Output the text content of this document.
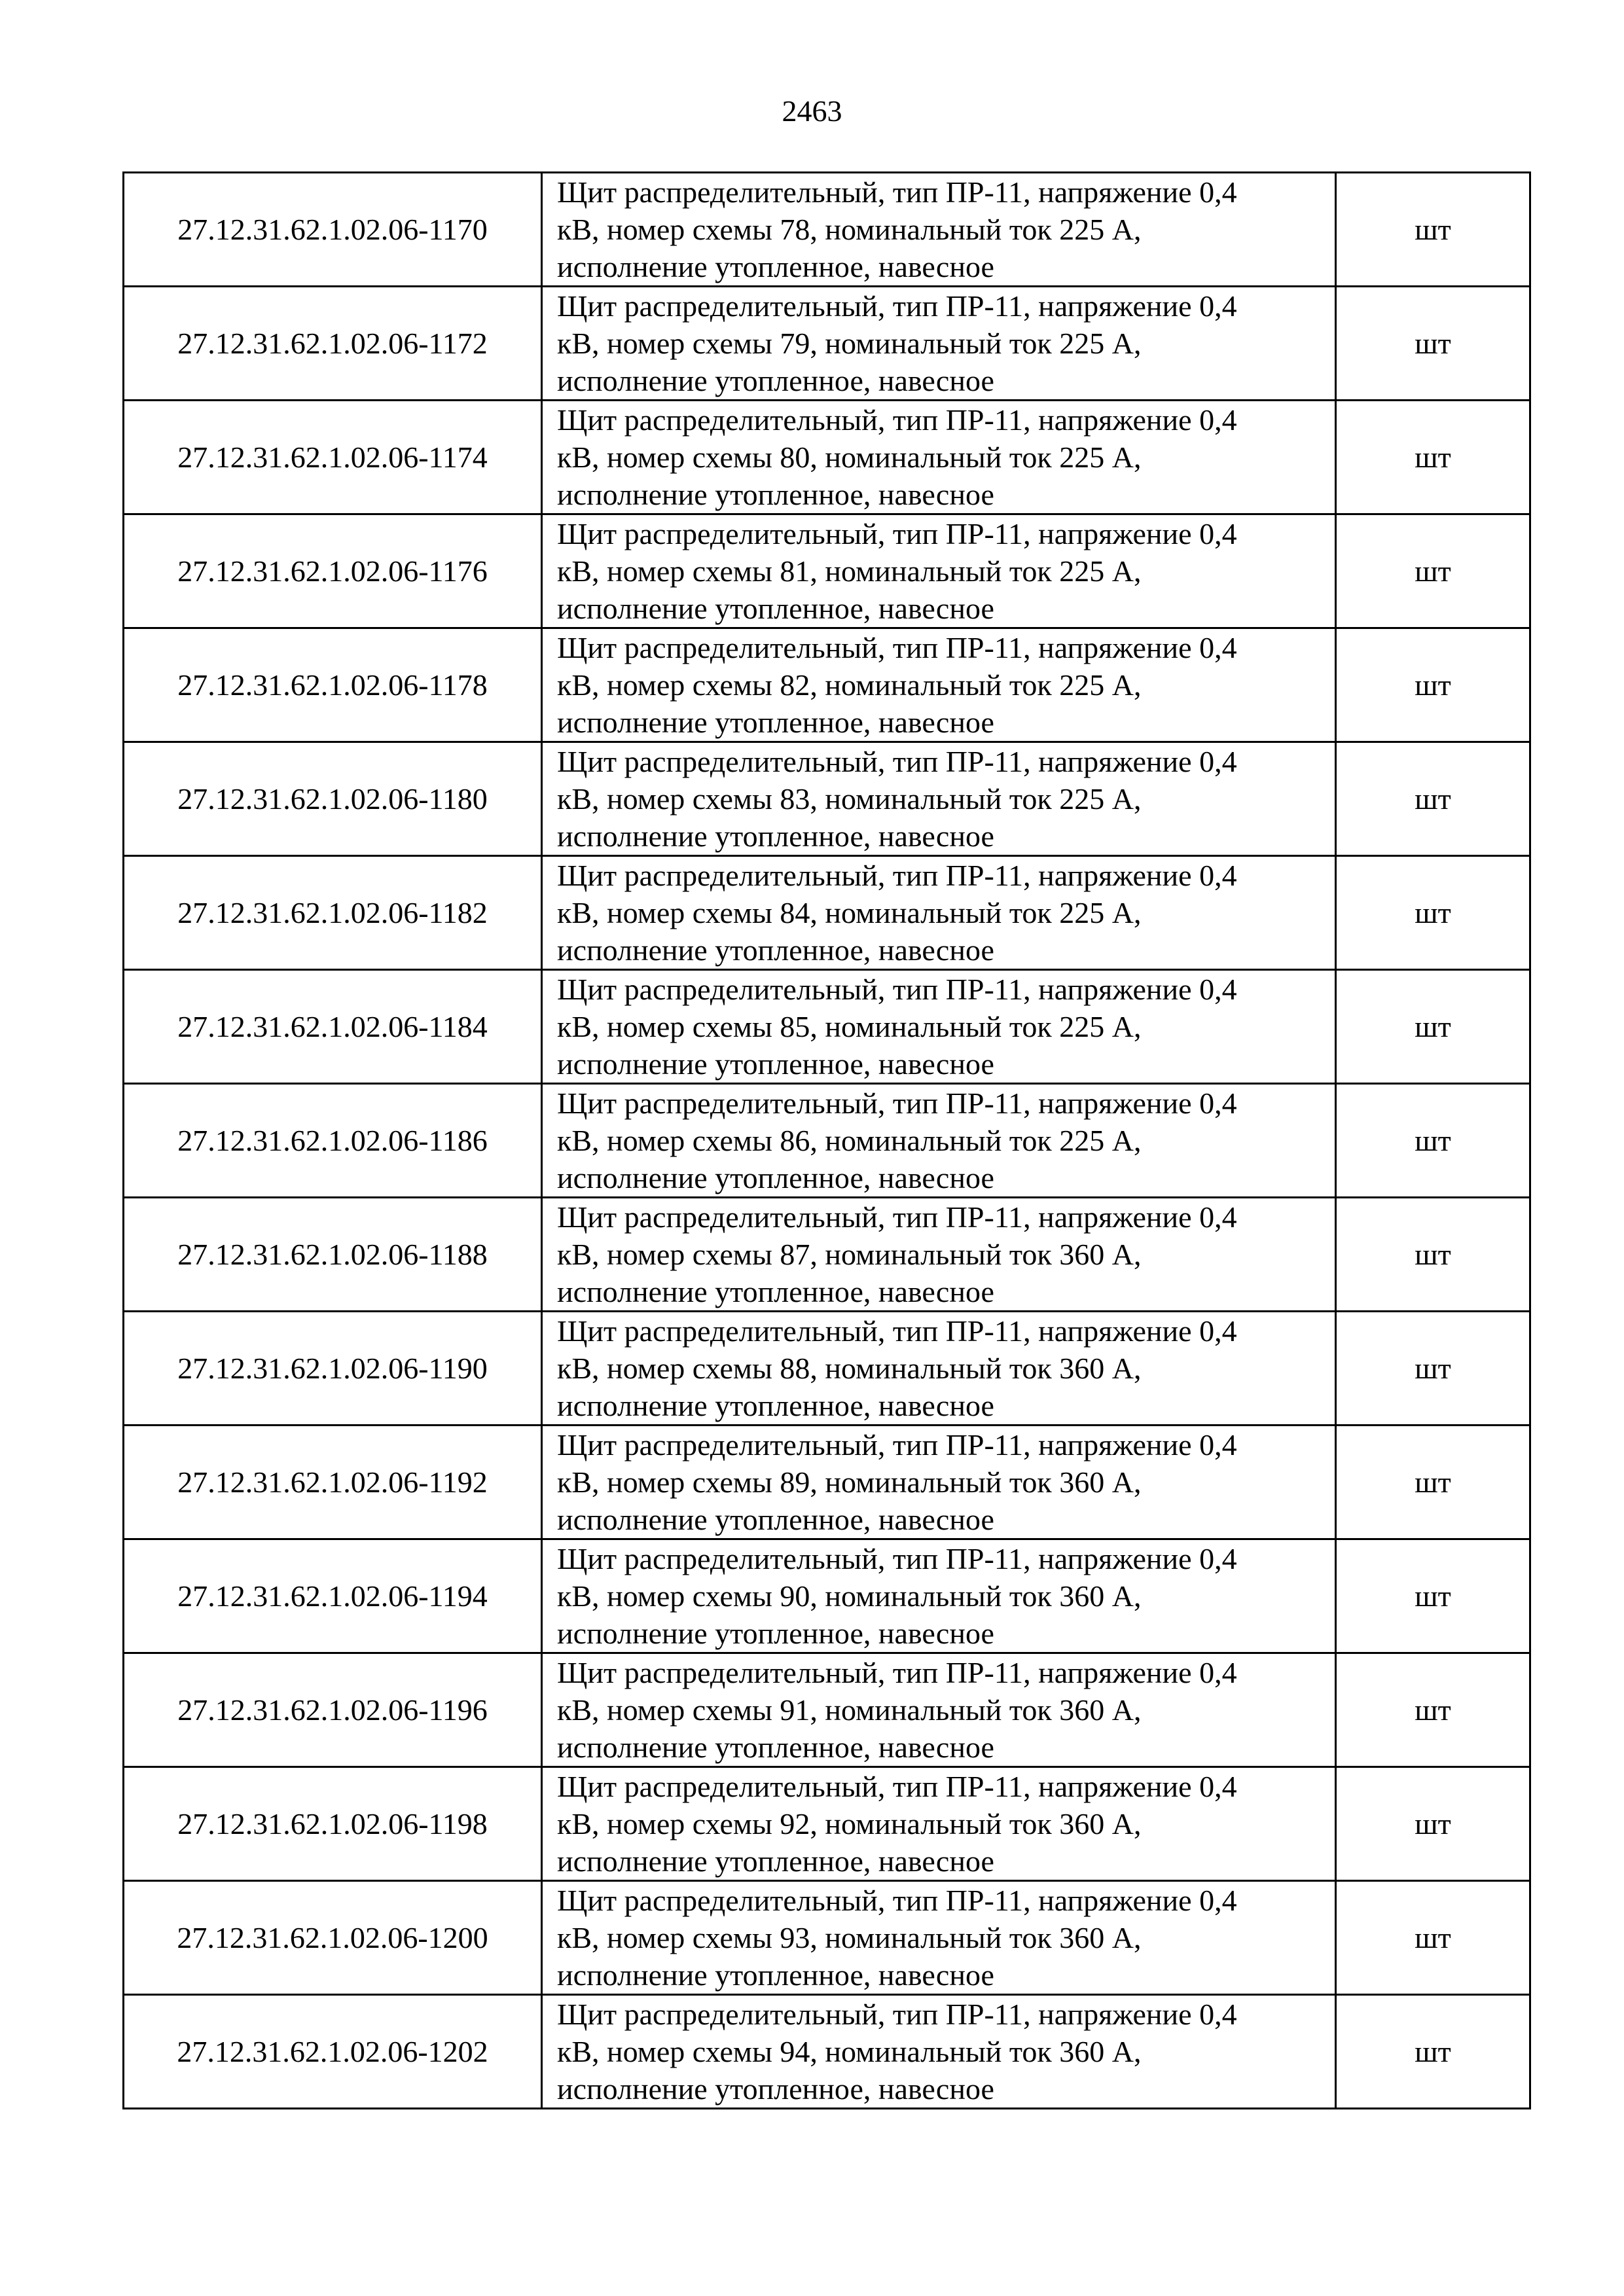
2463
27.12.31.62.1.02.06-1170	Щит распределительный, тип ПР-11, напряжение 0,4
кВ, номер схемы 78, номинальный ток 225 А,
исполнение утопленное, навесное	шт
27.12.31.62.1.02.06-1172	Щит распределительный, тип ПР-11, напряжение 0,4
кВ, номер схемы 79, номинальный ток 225 А,
исполнение утопленное, навесное	шт
27.12.31.62.1.02.06-1174	Щит распределительный, тип ПР-11, напряжение 0,4
кВ, номер схемы 80, номинальный ток 225 А,
исполнение утопленное, навесное	шт
27.12.31.62.1.02.06-1176	Щит распределительный, тип ПР-11, напряжение 0,4
кВ, номер схемы 81, номинальный ток 225 А,
исполнение утопленное, навесное	шт
27.12.31.62.1.02.06-1178	Щит распределительный, тип ПР-11, напряжение 0,4
кВ, номер схемы 82, номинальный ток 225 А,
исполнение утопленное, навесное	шт
27.12.31.62.1.02.06-1180	Щит распределительный, тип ПР-11, напряжение 0,4
кВ, номер схемы 83, номинальный ток 225 А,
исполнение утопленное, навесное	шт
27.12.31.62.1.02.06-1182	Щит распределительный, тип ПР-11, напряжение 0,4
кВ, номер схемы 84, номинальный ток 225 А,
исполнение утопленное, навесное	шт
27.12.31.62.1.02.06-1184	Щит распределительный, тип ПР-11, напряжение 0,4
кВ, номер схемы 85, номинальный ток 225 А,
исполнение утопленное, навесное	шт
27.12.31.62.1.02.06-1186	Щит распределительный, тип ПР-11, напряжение 0,4
кВ, номер схемы 86, номинальный ток 225 А,
исполнение утопленное, навесное	шт
27.12.31.62.1.02.06-1188	Щит распределительный, тип ПР-11, напряжение 0,4
кВ, номер схемы 87, номинальный ток 360 А,
исполнение утопленное, навесное	шт
27.12.31.62.1.02.06-1190	Щит распределительный, тип ПР-11, напряжение 0,4
кВ, номер схемы 88, номинальный ток 360 А,
исполнение утопленное, навесное	шт
27.12.31.62.1.02.06-1192	Щит распределительный, тип ПР-11, напряжение 0,4
кВ, номер схемы 89, номинальный ток 360 А,
исполнение утопленное, навесное	шт
27.12.31.62.1.02.06-1194	Щит распределительный, тип ПР-11, напряжение 0,4
кВ, номер схемы 90, номинальный ток 360 А,
исполнение утопленное, навесное	шт
27.12.31.62.1.02.06-1196	Щит распределительный, тип ПР-11, напряжение 0,4
кВ, номер схемы 91, номинальный ток 360 А,
исполнение утопленное, навесное	шт
27.12.31.62.1.02.06-1198	Щит распределительный, тип ПР-11, напряжение 0,4
кВ, номер схемы 92, номинальный ток 360 А,
исполнение утопленное, навесное	шт
27.12.31.62.1.02.06-1200	Щит распределительный, тип ПР-11, напряжение 0,4
кВ, номер схемы 93, номинальный ток 360 А,
исполнение утопленное, навесное	шт
27.12.31.62.1.02.06-1202	Щит распределительный, тип ПР-11, напряжение 0,4
кВ, номер схемы 94, номинальный ток 360 А,
исполнение утопленное, навесное	шт
